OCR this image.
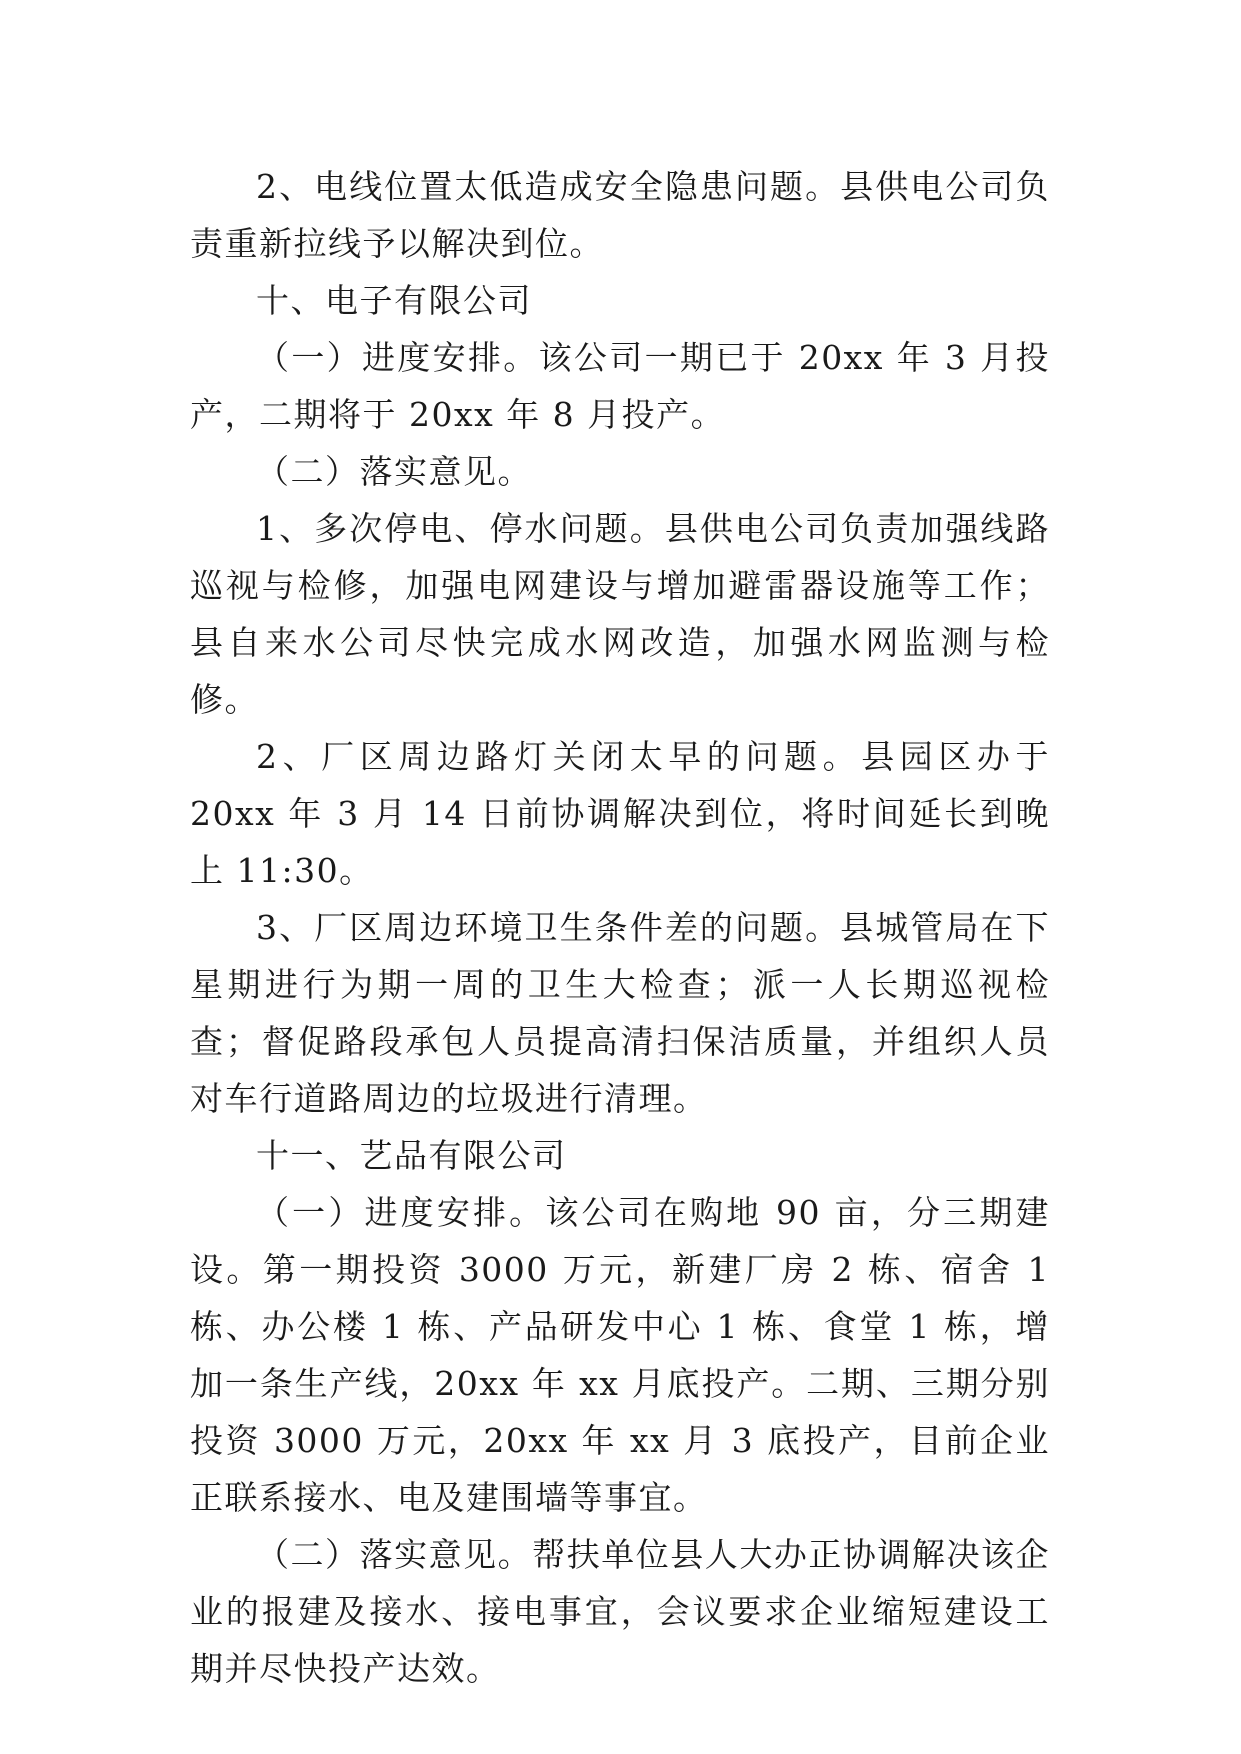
2、电线位置太低造成安全隐患问题。县供电公司负责重新拉线予以解决到位。

十、电子有限公司

（一）进度安排。该公司一期已于 20xx 年 3 月投产，二期将于 20xx 年 8 月投产。

（二）落实意见。

1、多次停电、停水问题。县供电公司负责加强线路巡视与检修，加强电网建设与增加避雷器设施等工作；县自来水公司尽快完成水网改造，加强水网监测与检修。

2、厂区周边路灯关闭太早的问题。县园区办于 20xx 年 3 月 14 日前协调解决到位，将时间延长到晚上 11:30。

3、厂区周边环境卫生条件差的问题。县城管局在下星期进行为期一周的卫生大检查；派一人长期巡视检查；督促路段承包人员提高清扫保洁质量，并组织人员对车行道路周边的垃圾进行清理。

十一、艺品有限公司

（一）进度安排。该公司在购地 90 亩，分三期建设。第一期投资 3000 万元，新建厂房 2 栋、宿舍 1 栋、办公楼 1 栋、产品研发中心 1 栋、食堂 1 栋，增加一条生产线，20xx 年 xx 月底投产。二期、三期分别投资 3000 万元，20xx 年 xx 月 3 底投产，目前企业正联系接水、电及建围墙等事宜。

（二）落实意见。帮扶单位县人大办正协调解决该企业的报建及接水、接电事宜，会议要求企业缩短建设工期并尽快投产达效。
